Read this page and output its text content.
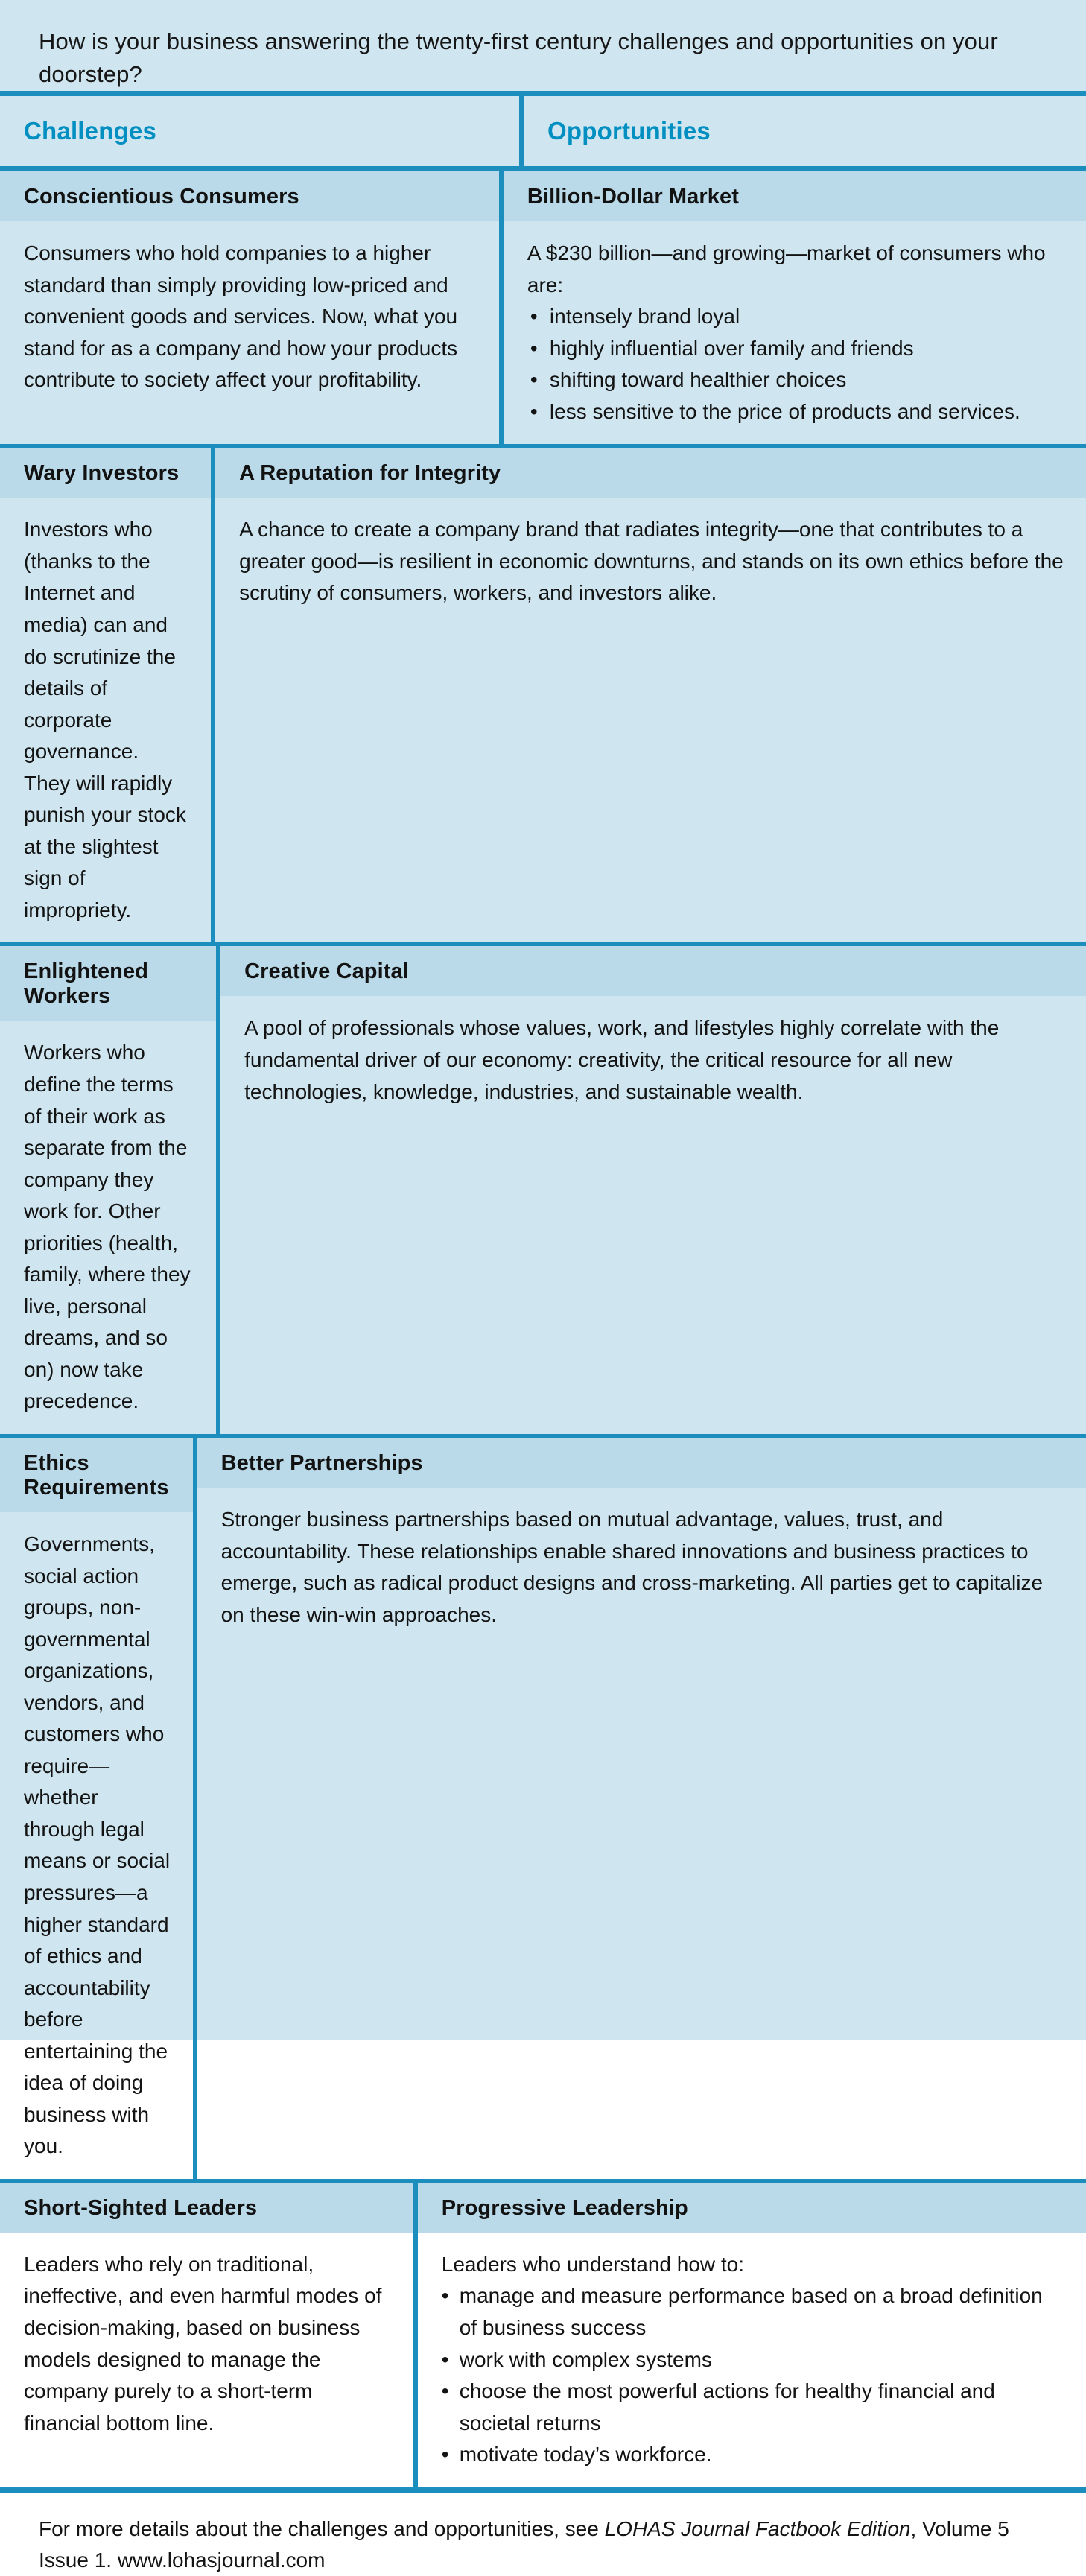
How is your business answering the twenty-first century challenges and opportunities on your doorstep?
Challenges	Opportunities
Conscientious Consumers

Consumers who hold companies to a higher standard than simply providing low-priced and convenient goods and services. Now, what you stand for as a company and how your products contribute to society affect your profitability.

Billion-Dollar Market

A $230 billion—and growing—market of consumers who are:

• intensely brand loyal
• highly influential over family and friends
• shifting toward healthier choices
• less sensitive to the price of products and services.
Wary Investors

Investors who (thanks to the Internet and media) can and do scrutinize the details of corporate governance. They will rapidly punish your stock at the slightest sign of impropriety.

A Reputation for Integrity

A chance to create a company brand that radiates integrity—one that contributes to a greater good—is resilient in economic downturns, and stands on its own ethics before the scrutiny of consumers, workers, and investors alike.

Enlightened Workers

Workers who define the terms of their work as separate from the company they work for. Other priorities (health, family, where they live, personal dreams, and so on) now take precedence.

Creative Capital

A pool of professionals whose values, work, and lifestyles highly correlate with the fundamental driver of our economy: creativity, the critical resource for all new technologies, knowledge, industries, and sustainable wealth.

Ethics Requirements

Governments, social action groups, non-governmental organizations, vendors, and customers who require—whether through legal means or social pressures—a higher standard of ethics and accountability before entertaining the idea of doing business with you.

Better Partnerships

Stronger business partnerships based on mutual advantage, values, trust, and accountability. These relationships enable shared innovations and business practices to emerge, such as radical product designs and cross-marketing. All parties get to capitalize on these win-win approaches.

Short-Sighted Leaders

Leaders who rely on traditional, ineffective, and even harmful modes of decision-making, based on business models designed to manage the company purely to a short-term financial bottom line.

Progressive Leadership

Leaders who understand how to:

• manage and measure performance based on a broad definition of business success
• work with complex systems
• choose the most powerful actions for healthy financial and societal returns
• motivate today’s workforce.
For more details about the challenges and opportunities, see LOHAS Journal Factbook Edition, Volume 5 Issue 1. www.lohasjournal.com
